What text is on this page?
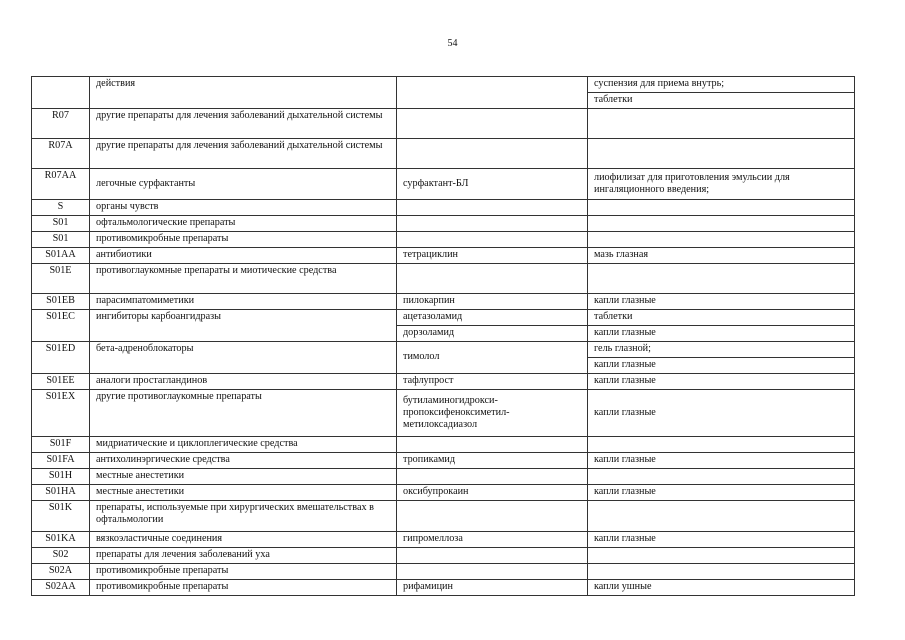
54
	действия		суспензия для приема внутрь;
			таблетки
R07	другие препараты для лечения заболеваний дыхательной системы		
R07A	другие препараты для лечения заболеваний дыхательной системы		
R07AA	легочные сурфактанты	сурфактант-БЛ	лиофилизат для приготовления эмульсии для ингаляционного введения;
S	органы чувств		
S01	офтальмологические препараты		
S01	противомикробные препараты		
S01AA	антибиотики	тетрациклин	мазь глазная
S01E	противоглаукомные препараты и миотические средства		
S01EB	парасимпатомиметики	пилокарпин	капли глазные
S01EC	ингибиторы карбоангидразы	ацетазоламид	таблетки
		дорзоламид	капли глазные
S01ED	бета-адреноблокаторы	тимолол	гель глазной;
			капли глазные
S01EE	аналоги простагландинов	тафлупрост	капли глазные
S01EX	другие противоглаукомные препараты	бутиламиногидрокси-пропоксифеноксиметил-метилоксадиазол	капли глазные
S01F	мидриатические и циклоплегические средства		
S01FA	антихолинэргические средства	тропикамид	капли глазные
S01H	местные анестетики		
S01HA	местные анестетики	оксибупрокаин	капли глазные
S01K	препараты, используемые при хирургических вмешательствах в офтальмологии		
S01KA	вязкоэластичные соединения	гипромеллоза	капли глазные
S02	препараты для лечения заболеваний уха		
S02A	противомикробные препараты		
S02AA	противомикробные препараты	рифамицин	капли ушные
